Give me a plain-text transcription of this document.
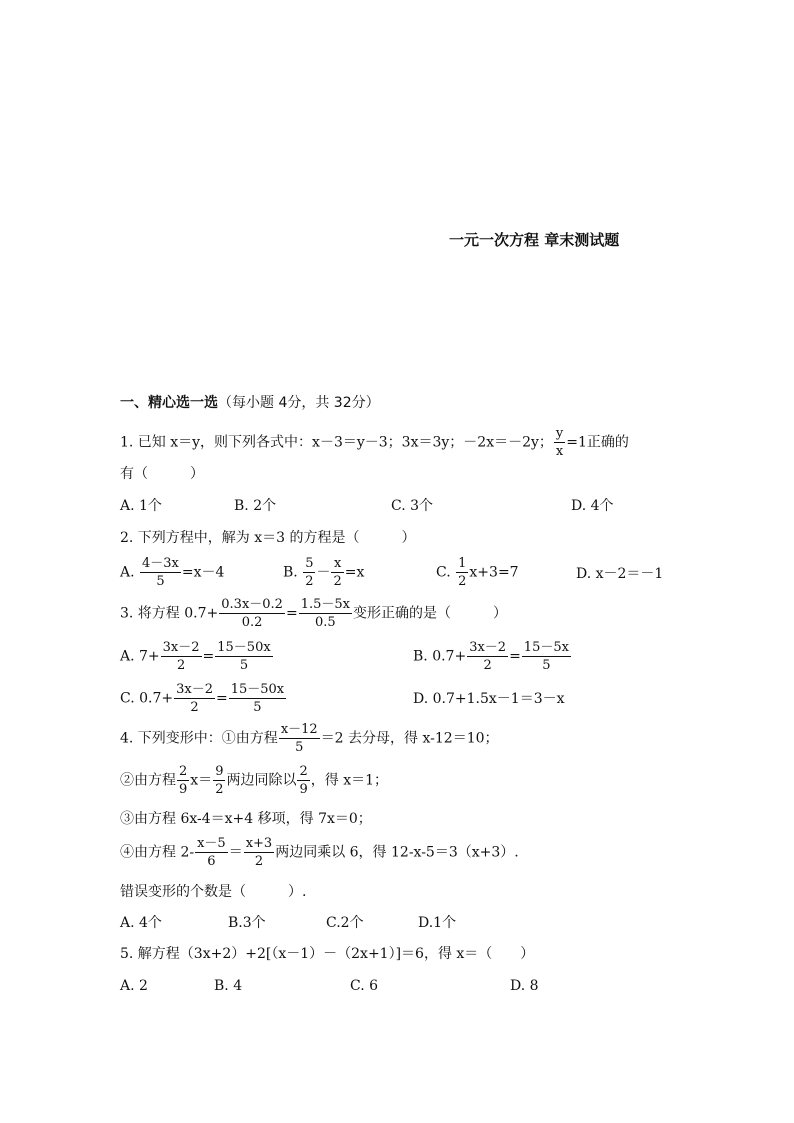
一元一次方程 章末测试题
一、精心选一选（每小题 4分，共 32分）
1. 已知 x＝y，则下列各式中：x－3＝y－3；3x＝3y；－2x＝－2y； $\frac{y}{x} =1$正确的
有（　　　）
A. 1个	B. 2个	C. 3个	D. 4个
2. 下列方程中，解为 x＝3 的方程是（　　　）
A. $\frac{4-3x}{5} =x-4$	B. $\frac{5}{2} - \frac{x}{2} =x$	C. $\frac{1}{2} x+3=7$	D. x－2＝－1
3. 将方程 $0.7+ \frac{0.3x-0.2}{0.2} = \frac{1.5-5x}{0.5}$ 变形正确的是（　　　）
A. $7+ \frac{3x-2}{2} = \frac{15-50x}{5}$	B. $0.7+ \frac{3x-2}{2} = \frac{15-5x}{5}$
C. $0.7+ \frac{3x-2}{2} = \frac{15-50x}{5}$	D. 0.7+1.5x－1＝3－x
4. 下列变形中：①由方程 $\frac{x-12}{5} =2$ 去分母，得 x-12＝10；
②由方程 $\frac{2}{9} x= \frac{9}{2}$ 两边同除以 $\frac{2}{9}$ ，得 x＝1；
③由方程 6x-4＝x+4 移项，得 7x＝0；
④由方程 $2- \frac{x-5}{6} = \frac{x+3}{2}$ 两边同乘以 6，得 12-x-5＝3（x+3）.
错误变形的个数是（　　　）.
A. 4个	B.3个	C.2个	D.1个
5. 解方程（3x+2）+2[（x－1）－（2x+1）]＝6，得 x＝（　　）
A. 2	B. 4	C. 6	D. 8
